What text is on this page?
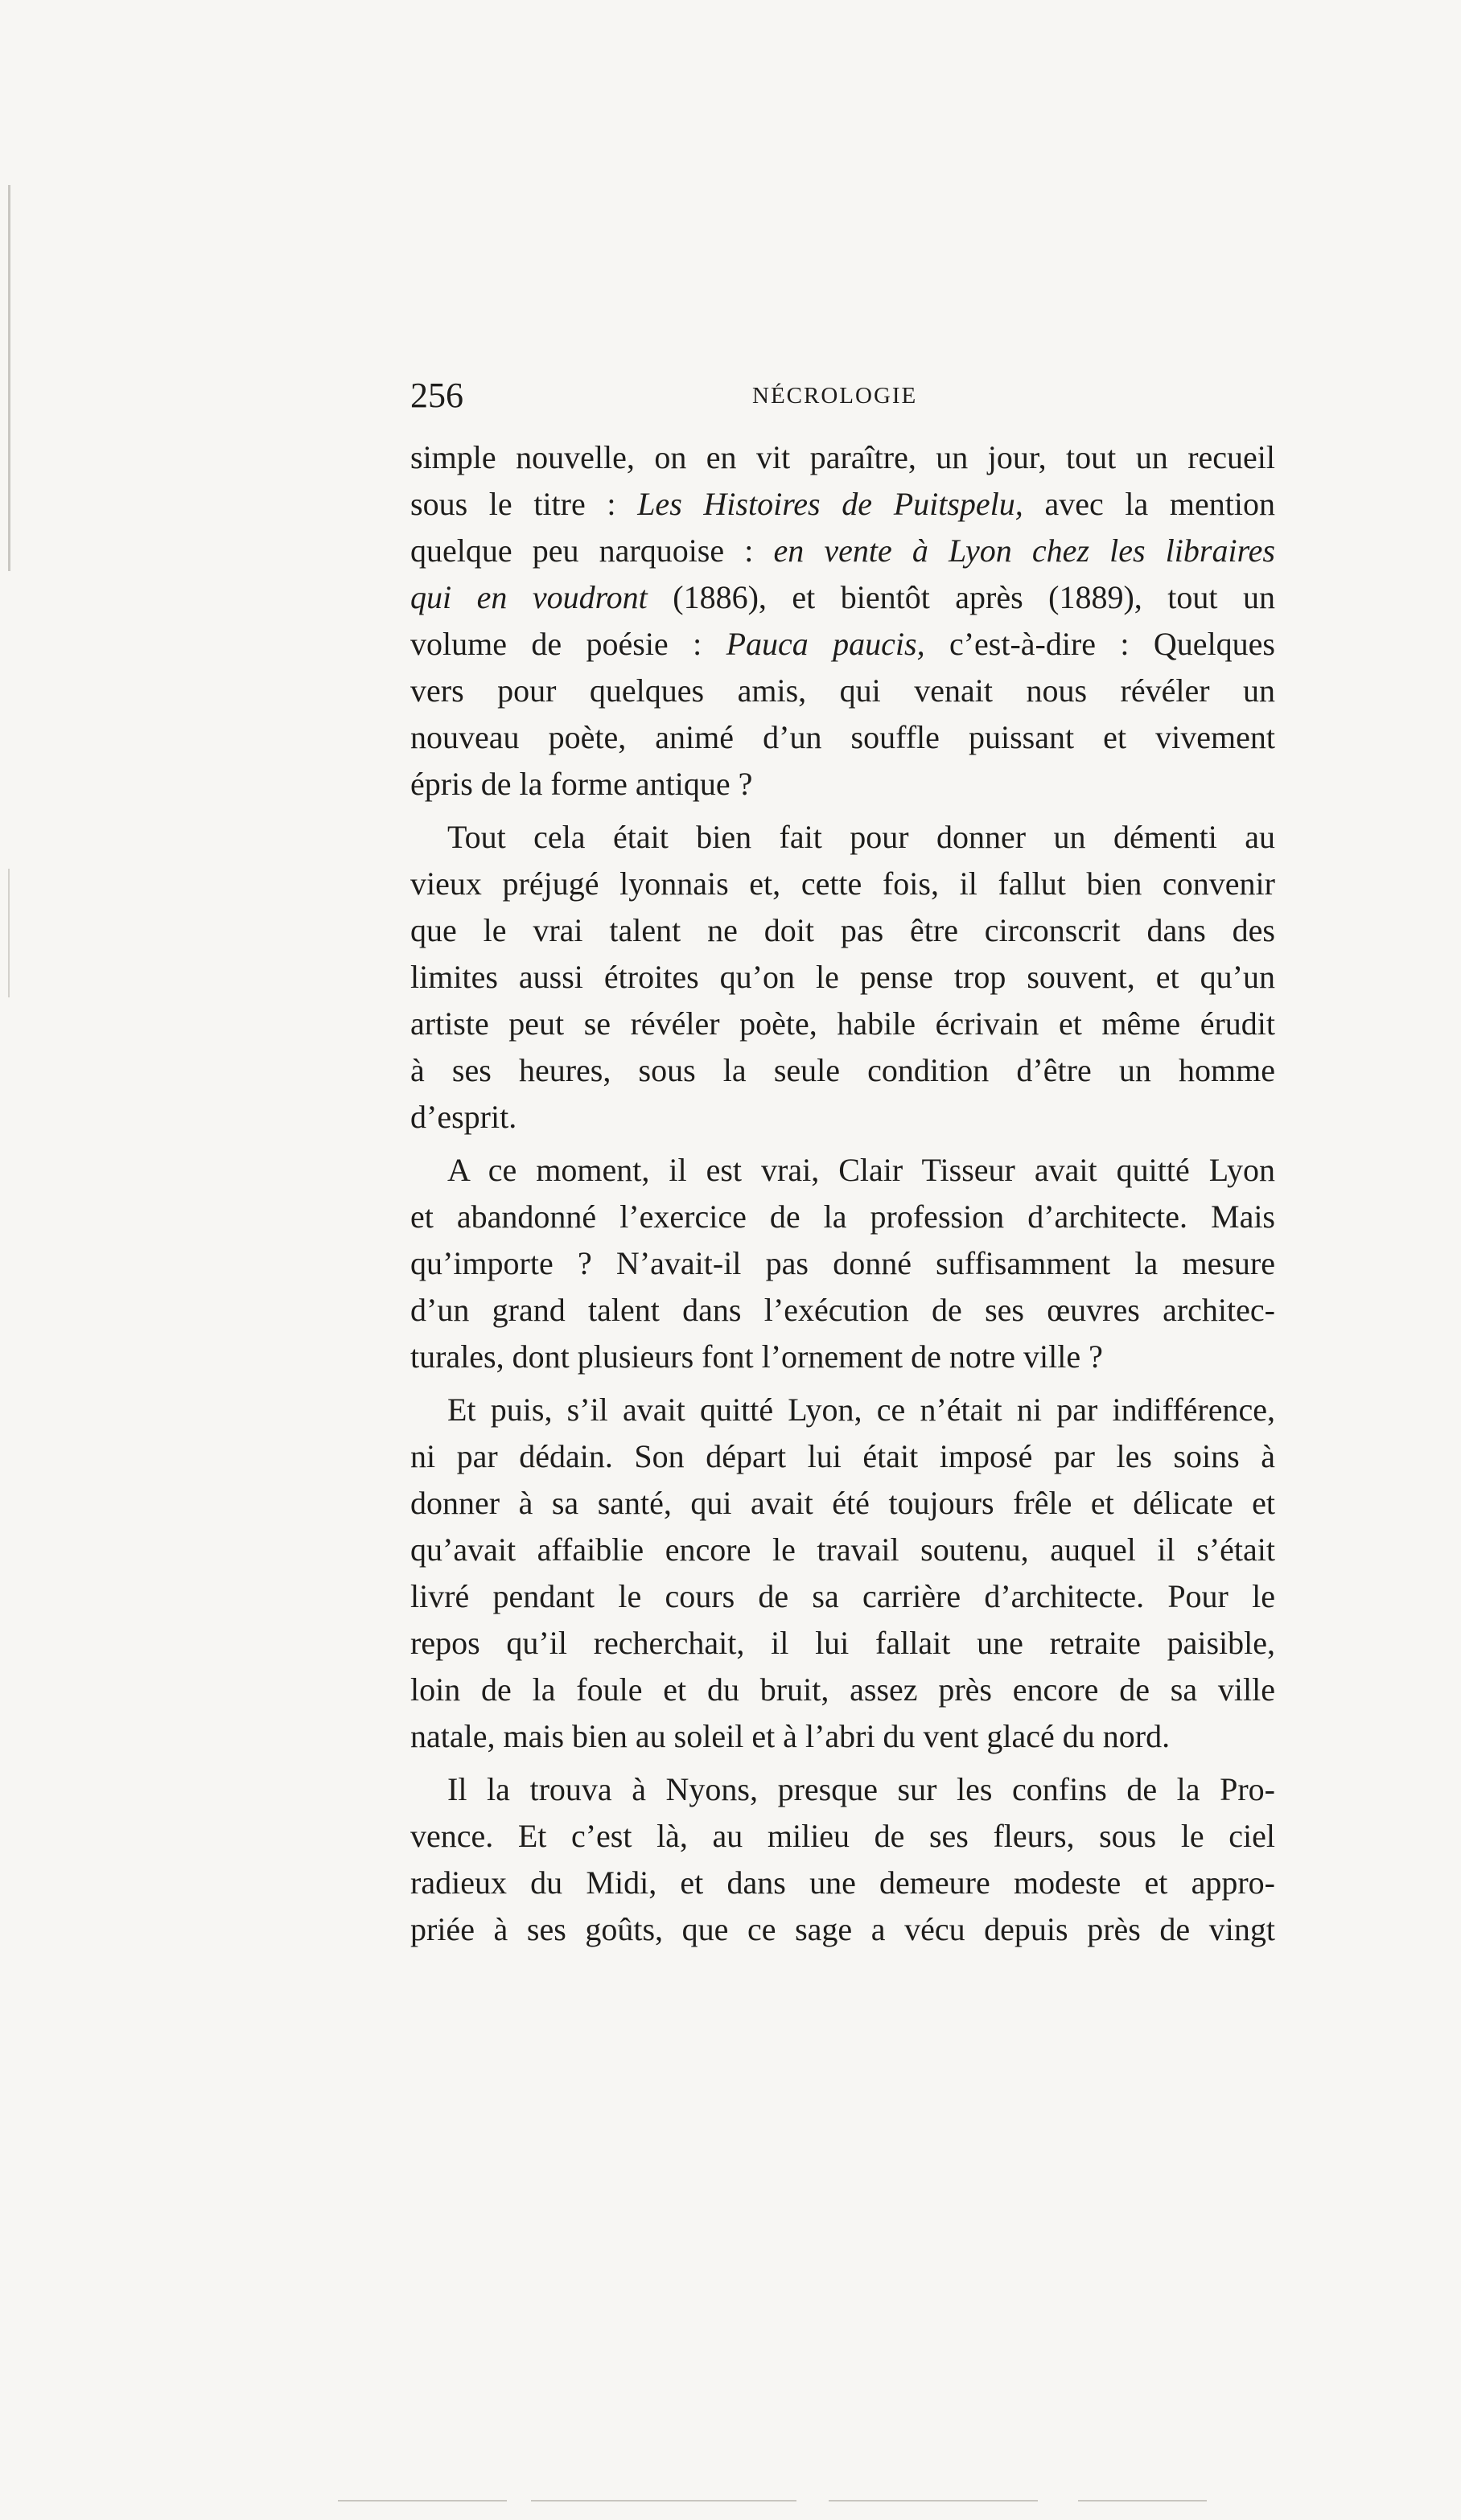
256	NÉCROLOGIE
simple nouvelle, on en vit paraître, un jour, tout un recueil
sous le titre : Les Histoires de Puitspelu, avec la mention
quelque peu narquoise : en vente à Lyon chez les libraires
qui en voudront (1886), et bientôt après (1889), tout un
volume de poésie : Pauca paucis, c’est-à-dire : Quelques
vers pour quelques amis, qui venait nous révéler un
nouveau poète, animé d’un souffle puissant et vivement
épris de la forme antique ?
Tout cela était bien fait pour donner un démenti au
vieux préjugé lyonnais et, cette fois, il fallut bien convenir
que le vrai talent ne doit pas être circonscrit dans des
limites aussi étroites qu’on le pense trop souvent, et qu’un
artiste peut se révéler poète, habile écrivain et même érudit
à ses heures, sous la seule condition d’être un homme
d’esprit.
A ce moment, il est vrai, Clair Tisseur avait quitté Lyon
et abandonné l’exercice de la profession d’architecte. Mais
qu’importe ? N’avait-il pas donné suffisamment la mesure
d’un grand talent dans l’exécution de ses œuvres architec-
turales, dont plusieurs font l’ornement de notre ville ?
Et puis, s’il avait quitté Lyon, ce n’était ni par indifférence,
ni par dédain. Son départ lui était imposé par les soins à
donner à sa santé, qui avait été toujours frêle et délicate et
qu’avait affaiblie encore le travail soutenu, auquel il s’était
livré pendant le cours de sa carrière d’architecte. Pour le
repos qu’il recherchait, il lui fallait une retraite paisible,
loin de la foule et du bruit, assez près encore de sa ville
natale, mais bien au soleil et à l’abri du vent glacé du nord.
Il la trouva à Nyons, presque sur les confins de la Pro-
vence. Et c’est là, au milieu de ses fleurs, sous le ciel
radieux du Midi, et dans une demeure modeste et appro-
priée à ses goûts, que ce sage a vécu depuis près de vingt
